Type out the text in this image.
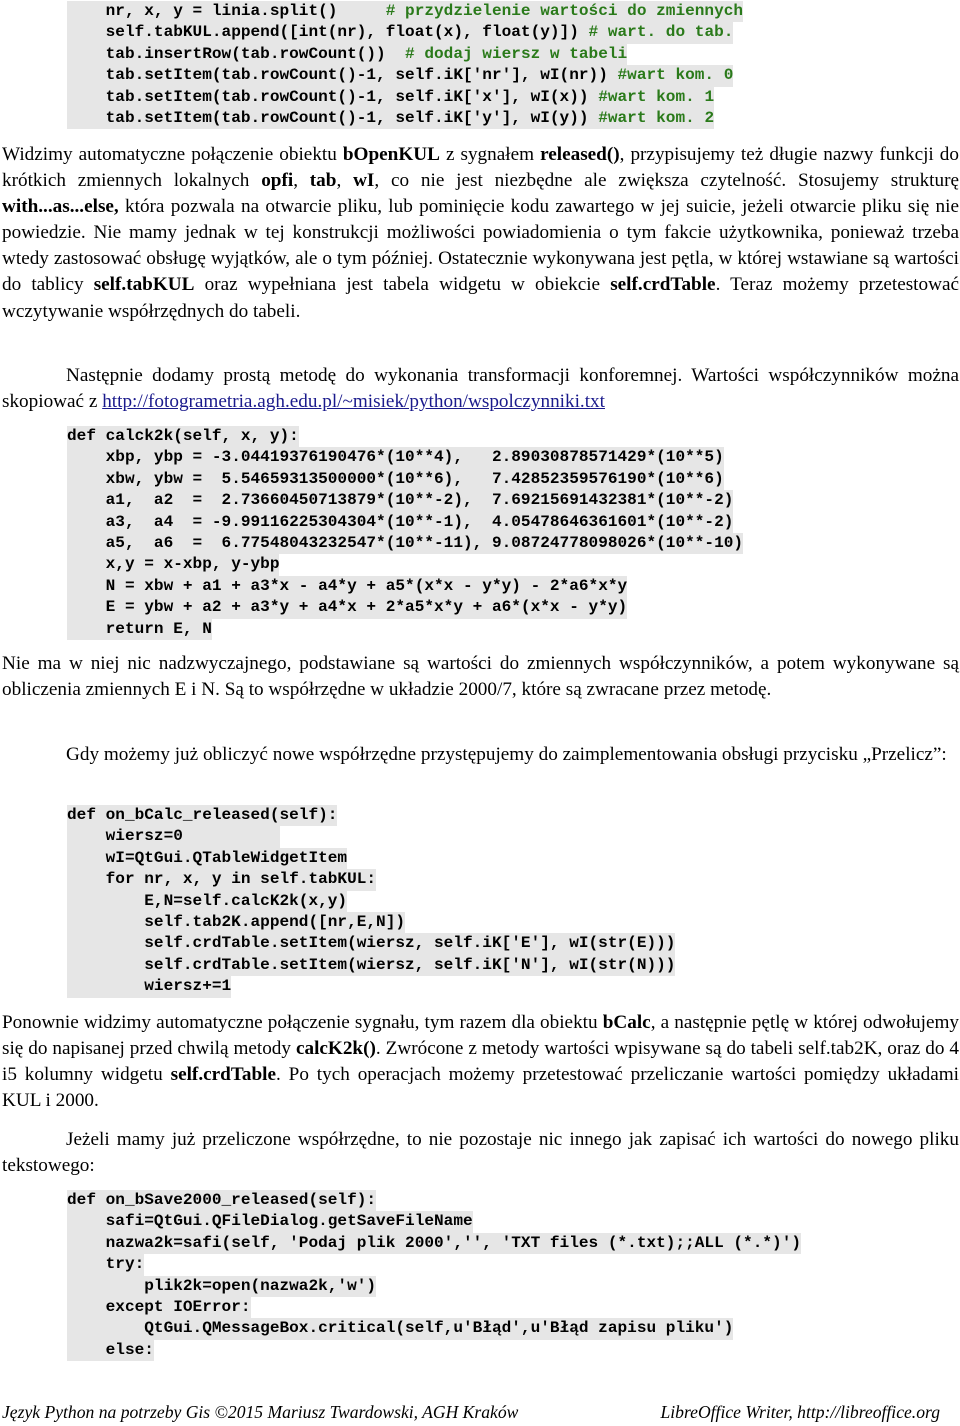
nr, x, y = linia.split()     # przydzielenie wartości do zmiennych
self.tabKUL.append([int(nr), float(x), float(y)]) # wart. do tab.
tab.insertRow(tab.rowCount())  # dodaj wiersz w tabeli
tab.setItem(tab.rowCount()-1, self.iK['nr'], wI(nr)) #wart kom. 0
tab.setItem(tab.rowCount()-1, self.iK['x'], wI(x)) #wart kom. 1
tab.setItem(tab.rowCount()-1, self.iK['y'], wI(y)) #wart kom. 2

Widzimy automatyczne połączenie obiektu bOpenKUL z sygnałem released(), przypisujemy też długie nazwy funkcji do krótkich zmiennych lokalnych opfi, tab, wI, co nie jest niezbędne ale zwiększa czytelność. Stosujemy strukturę with...as...else, która pozwala na otwarcie pliku, lub pominięcie kodu zawartego w jej suicie, jeżeli otwarcie pliku się nie powiedzie. Nie mamy jednak w tej konstrukcji możliwości powiadomienia o tym fakcie użytkownika, ponieważ trzeba wtedy zastosować obsługę wyjątków, ale o tym później. Ostatecznie wykonywana jest pętla, w której wstawiane są wartości do tablicy self.tabKUL oraz wypełniana jest tabela widgetu w obiekcie self.crdTable. Teraz możemy przetestować wczytywanie współrzędnych do tabeli.

Następnie dodamy prostą metodę do wykonania transformacji konforemnej. Wartości współczynników można skopiować z http://fotogrametria.agh.edu.pl/~misiek/python/wspolczynniki.txt

def calck2k(self, x, y):
xbp, ybp = -3.04419376190476*(10**4),   2.89030878571429*(10**5)
xbw, ybw =  5.54659313500000*(10**6),   7.42852359576190*(10**6)
a1,  a2  =  2.73660450713879*(10**-2),  7.69215691432381*(10**-2)
a3,  a4  = -9.99116225304304*(10**-1),  4.05478646361601*(10**-2)
a5,  a6  =  6.77548043232547*(10**-11), 9.08724778098026*(10**-10)
x,y = x-xbp, y-ybp
N = xbw + a1 + a3*x - a4*y + a5*(x*x - y*y) - 2*a6*x*y
E = ybw + a2 + a3*y + a4*x + 2*a5*x*y + a6*(x*x - y*y)
return E, N

Nie ma w niej nic nadzwyczajnego, podstawiane są wartości do zmiennych współczynników, a potem wykonywane są obliczenia zmiennych E i N. Są to współrzędne w układzie 2000/7, które są zwracane przez metodę.

Gdy możemy już obliczyć nowe współrzędne przystępujemy do zaimplementowania obsługi przycisku „Przelicz”:

def on_bCalc_released(self):
wiersz=0
wI=QtGui.QTableWidgetItem
for nr, x, y in self.tabKUL:
E,N=self.calcK2k(x,y)
self.tab2K.append([nr,E,N])
self.crdTable.setItem(wiersz, self.iK['E'], wI(str(E)))
self.crdTable.setItem(wiersz, self.iK['N'], wI(str(N)))
wiersz+=1

Ponownie widzimy automatyczne połączenie sygnału, tym razem dla obiektu bCalc, a następnie pętlę w której odwołujemy się do napisanej przed chwilą metody calcK2k(). Zwrócone z metody wartości wpisywane są do tabeli self.tab2K, oraz do 4 i5 kolumny widgetu self.crdTable. Po tych operacjach możemy przetestować przeliczanie wartości pomiędzy układami KUL i 2000.

Jeżeli mamy już przeliczone współrzędne, to nie pozostaje nic innego jak zapisać ich wartości do nowego pliku tekstowego:

def on_bSave2000_released(self):
safi=QtGui.QFileDialog.getSaveFileName
nazwa2k=safi(self, 'Podaj plik 2000','', 'TXT files (*.txt);;ALL (*.*)')
try:
plik2k=open(nazwa2k,'w')
except IOError:
QtGui.QMessageBox.critical(self,u'Błąd',u'Błąd zapisu pliku')
else:
Język Python na potrzeby Gis ©2015 Mariusz Twardowski, AGH Kraków	LibreOffice Writer, http://libreoffice.org
